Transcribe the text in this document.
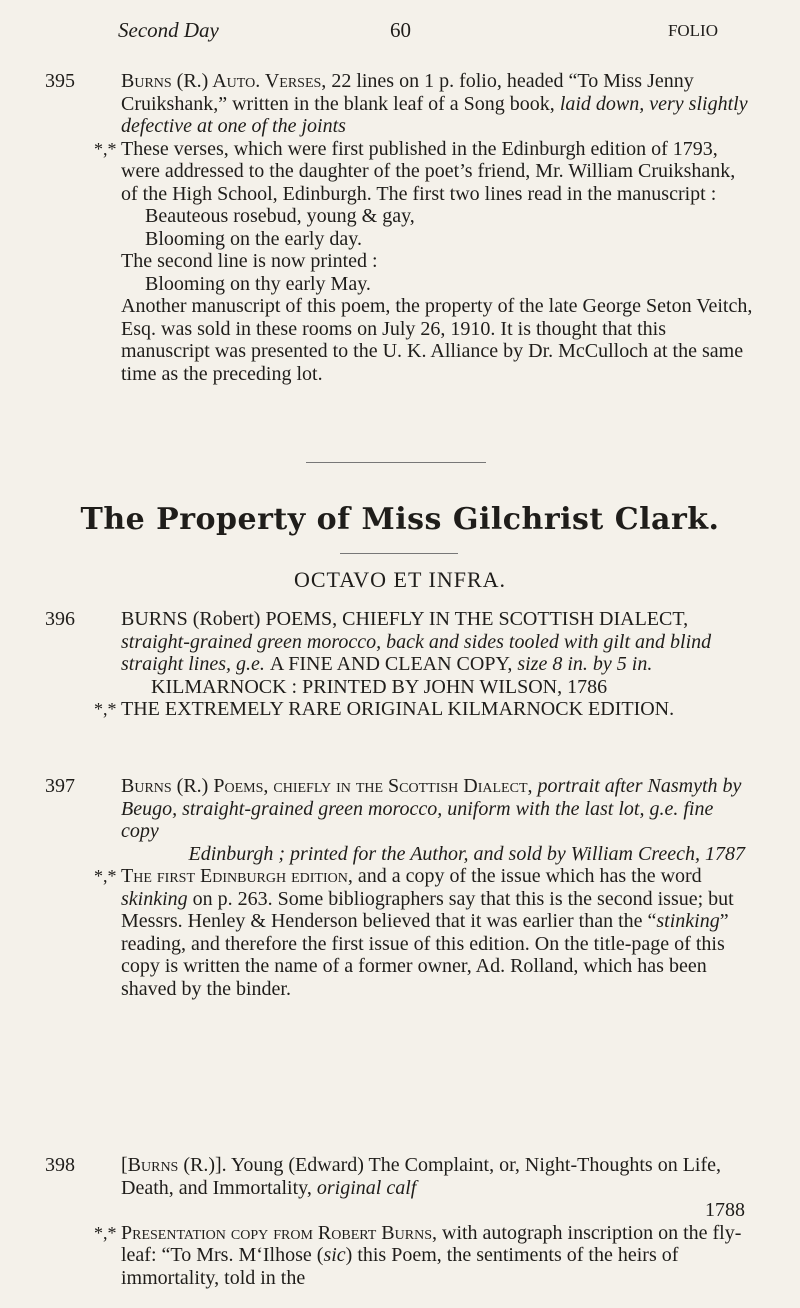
Second Day	60	FOLIO
395	Burns (R.) Auto. Verses, 22 lines on 1 p. folio, headed “To Miss Jenny Cruikshank,” written in the blank leaf of a Song book, laid down, very slightly defective at one of the joints

*,* These verses, which were first published in the Edinburgh edition of 1793, were addressed to the daughter of the poet’s friend, Mr. William Cruikshank, of the High School, Edinburgh. The first two lines read in the manuscript :

Beauteous rosebud, young & gay,

Blooming on the early day.

The second line is now printed :

Blooming on thy early May.

Another manuscript of this poem, the property of the late George Seton Veitch, Esq. was sold in these rooms on July 26, 1910. It is thought that this manuscript was presented to the U. K. Alliance by Dr. McCulloch at the same time as the preceding lot.

The Property of Miss Gilchrist Clark.
OCTAVO ET INFRA.
396	BURNS (Robert) POEMS, CHIEFLY IN THE SCOTTISH DIALECT, straight-grained green morocco, back and sides tooled with gilt and blind straight lines, g.e. A FINE AND CLEAN COPY, size 8 in. by 5 in.

KILMARNOCK : PRINTED BY JOHN WILSON, 1786

*,* THE EXTREMELY RARE ORIGINAL KILMARNOCK EDITION.

397	Burns (R.) Poems, chiefly in the Scottish Dialect, portrait after Nasmyth by Beugo, straight-grained green morocco, uniform with the last lot, g.e. fine copy

Edinburgh ; printed for the Author, and sold by William Creech, 1787

*,* The first Edinburgh edition, and a copy of the issue which has the word skinking on p. 263. Some bibliographers say that this is the second issue; but Messrs. Henley & Henderson believed that it was earlier than the “stinking” reading, and therefore the first issue of this edition. On the title-page of this copy is written the name of a former owner, Ad. Rolland, which has been shaved by the binder.

398	[Burns (R.)]. Young (Edward) The Complaint, or, Night-Thoughts on Life, Death, and Immortality, original calf

1788

*,* Presentation copy from Robert Burns, with autograph inscription on the fly-leaf: “To Mrs. M‘Ilhose (sic) this Poem, the sentiments of the heirs of immortality, told in the
